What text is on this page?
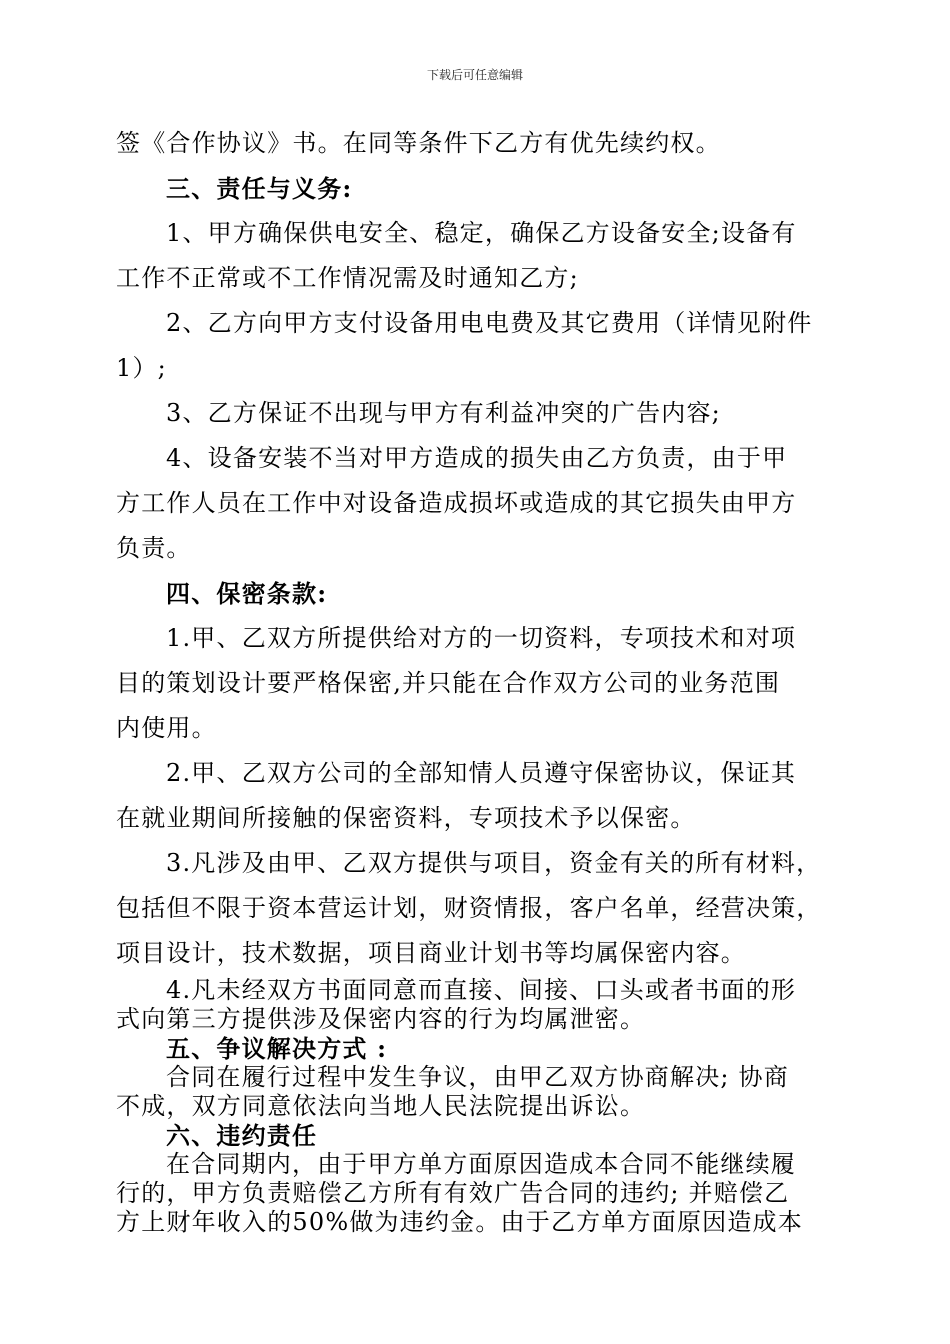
下载后可任意编辑
签《合作协议》书。在同等条件下乙方有优先续约权。
三、责任与义务:
1、甲方确保供电安全、稳定，确保乙方设备安全;设备有
工作不正常或不工作情况需及时通知乙方;
2、乙方向甲方支付设备用电电费及其它费用（详情见附件
1）;
3、乙方保证不出现与甲方有利益冲突的广告内容;
4、设备安装不当对甲方造成的损失由乙方负责，由于甲
方工作人员在工作中对设备造成损坏或造成的其它损失由甲方
负责。
四、保密条款:
1.甲、乙双方所提供给对方的一切资料，专项技术和对项
目的策划设计要严格保密,并只能在合作双方公司的业务范围
内使用。
2.甲、乙双方公司的全部知情人员遵守保密协议，保证其
在就业期间所接触的保密资料，专项技术予以保密。
3.凡涉及由甲、乙双方提供与项目，资金有关的所有材料，
包括但不限于资本营运计划，财资情报，客户名单，经营决策，
项目设计，技术数据，项目商业计划书等均属保密内容。
4.凡未经双方书面同意而直接、间接、口头或者书面的形
式向第三方提供涉及保密内容的行为均属泄密。
五、争议解决方式 :
合同在履行过程中发生争议，由甲乙双方协商解决; 协商
不成，双方同意依法向当地人民法院提出诉讼。
六、违约责任
在合同期内，由于甲方单方面原因造成本合同不能继续履
行的，甲方负责赔偿乙方所有有效广告合同的违约; 并赔偿乙
方上财年收入的50%做为违约金。由于乙方单方面原因造成本
